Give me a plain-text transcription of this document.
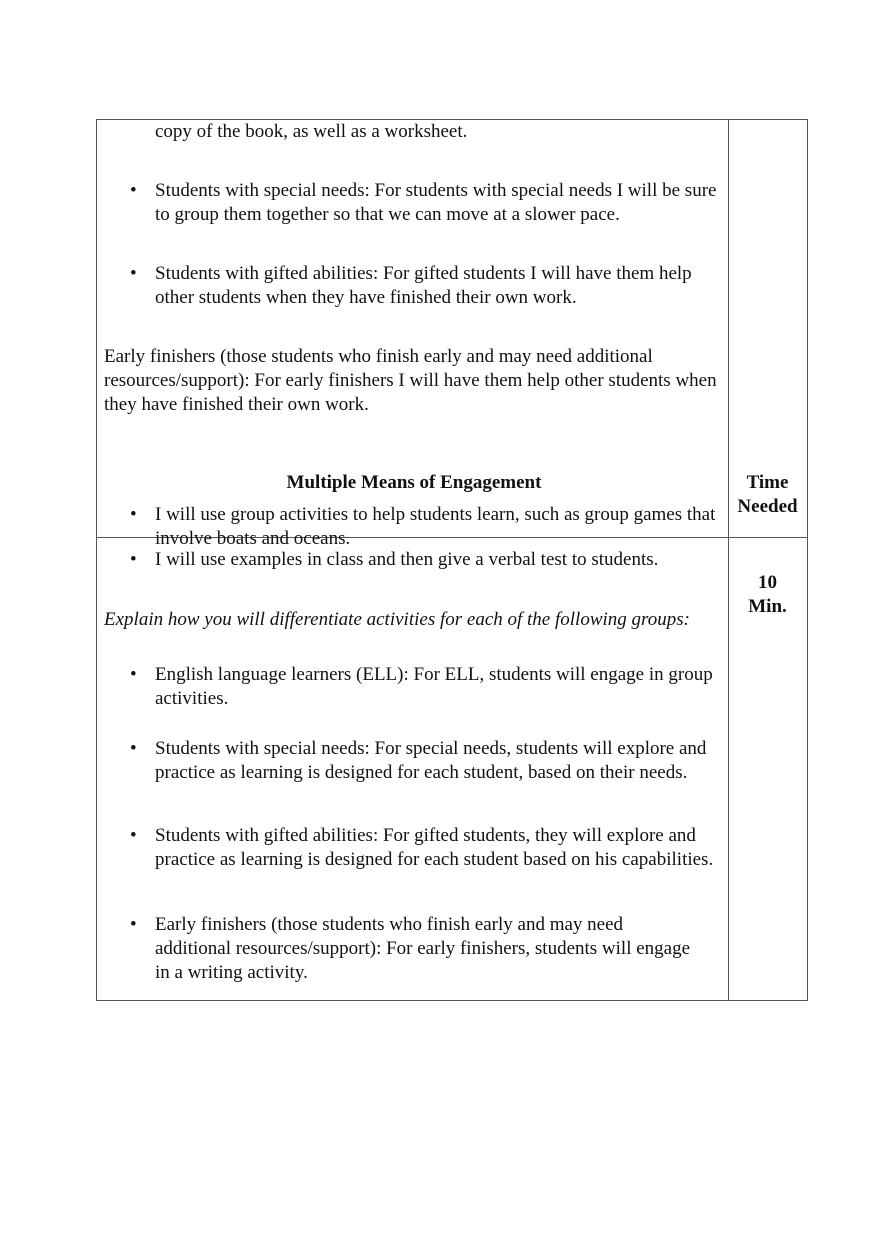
copy of the book, as well as a worksheet.
• Students with special needs: For students with special needs I will be sure to group them together so that we can move at a slower pace.
• Students with gifted abilities: For gifted students I will have them help other students when they have finished their own work.
Early finishers (those students who finish early and may need additional resources/support): For early finishers I will have them help other students when they have finished their own work.
Multiple Means of Engagement	Time Needed
• I will use group activities to help students learn, such as group games that involve boats and oceans.
• I will use examples in class and then give a verbal test to students.
10 Min.
Explain how you will differentiate activities for each of the following groups:
• English language learners (ELL): For ELL, students will engage in group activities.
• Students with special needs: For special needs, students will explore and practice as learning is designed for each student, based on their needs.
• Students with gifted abilities: For gifted students, they will explore and practice as learning is designed for each student based on his capabilities.
• Early finishers (those students who finish early and may need additional resources/support): For early finishers, students will engage in a writing activity.
